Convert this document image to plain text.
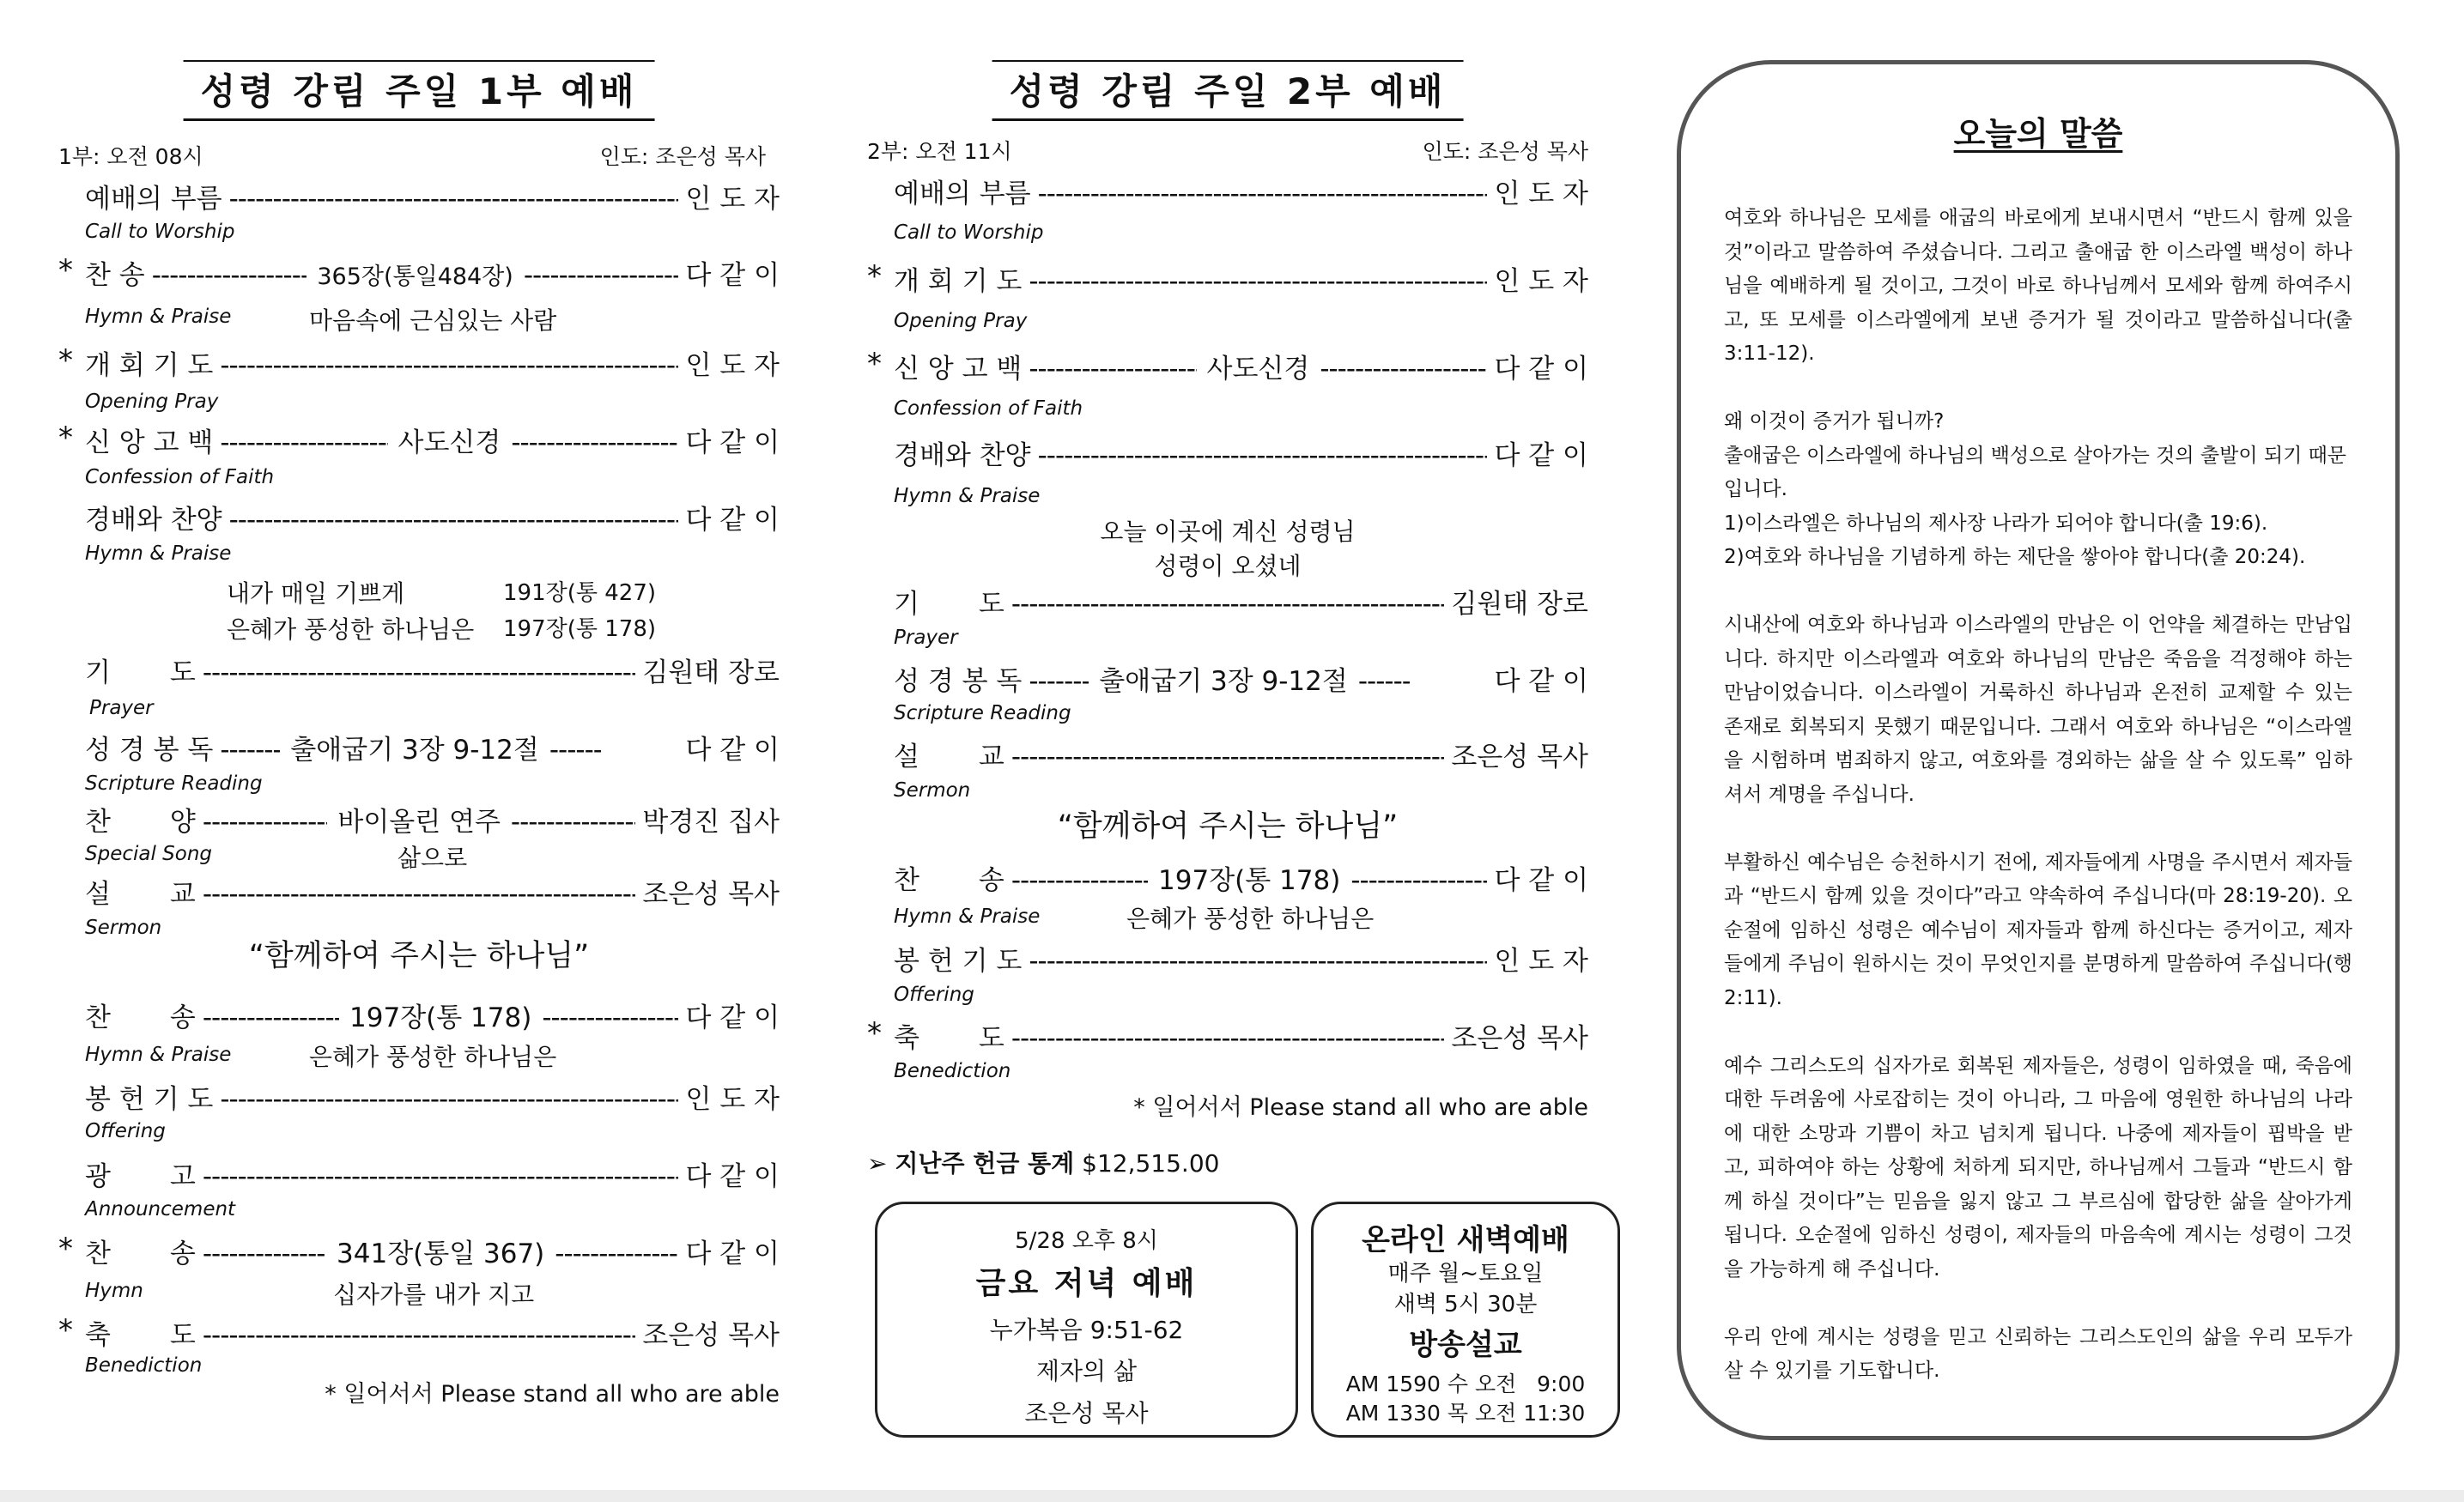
성령 강림 주일 1부 예배
1부: 오전 08시	인도: 조은성 목사
예배의 부름 -----	인 도 자
Call to Worship
* 찬 송 -----	365장(통일484장) -----	다 같 이
Hymn & Praise	마음속에 근심있는 사람
* 개 회 기 도 -----	인 도 자
Opening Pray
* 신 앙 고 백 -----	사도신경 -----	다 같 이
Confession of Faith
경배와 찬양 -----	다 같 이
Hymn & Praise
내가 매일 기쁘게	191장(통 427)
은혜가 풍성한 하나님은 197장(통 178)
기       도 -----	김원태 장로
Prayer
성 경 봉 독 -----	출애굽기 3장 9-12절 -----	다 같 이
Scripture Reading
찬       양 -----	바이올린 연주 -----	박경진 집사
Special Song	삶으로
설       교 -----	조은성 목사
Sermon
“함께하여 주시는 하나님”
찬       송 -----	197장(통 178) -----	다 같 이
Hymn & Praise	은혜가 풍성한 하나님은
봉 헌 기 도 -----	인 도 자
Offering
광       고 -----	다 같 이
Announcement
* 찬       송 -----	341장(통일 367) -----	다 같 이
Hymn	십자가를 내가 지고
* 축       도 -----	조은성 목사
Benediction
* 일어서서 Please stand all who are able
성령 강림 주일 2부 예배
2부: 오전 11시	인도: 조은성 목사
예배의 부름 -----	인 도 자
Call to Worship
* 개 회 기 도 -----	인 도 자
Opening Pray
* 신 앙 고 백 -----	사도신경 -----	다 같 이
Confession of Faith
경배와 찬양 -----	다 같 이
Hymn & Praise
오늘 이곳에 계신 성령님
성령이 오셨네
기       도 -----	김원태 장로
Prayer
성 경 봉 독 -----	출애굽기 3장 9-12절 -----	다 같 이
Scripture Reading
설       교 -----	조은성 목사
Sermon
“함께하여 주시는 하나님”
찬       송 -----	197장(통 178) -----	다 같 이
Hymn & Praise	은혜가 풍성한 하나님은
봉 헌 기 도 -----	인 도 자
Offering
* 축       도 -----	조은성 목사
Benediction
* 일어서서 Please stand all who are able
➢ 지난주 헌금 통계 $12,515.00
5/28 오후 8시
금요 저녁 예배
누가복음 9:51-62
제자의 삶
조은성 목사
온라인 새벽예배
매주 월~토요일
새벽 5시 30분
방송설교
AM 1590 수 오전   9:00
AM 1330 목 오전 11:30
오늘의 말씀

여호와 하나님은 모세를 애굽의 바로에게 보내시면서 “반드시 함께 있을 것”이라고 말씀하여 주셨습니다. 그리고 출애굽 한 이스라엘 백성이 하나님을 예배하게 될 것이고, 그것이 바로 하나님께서 모세와 함께 하여주시고, 또 모세를 이스라엘에게 보낸 증거가 될 것이라고 말씀하십니다(출 3:11-12).

왜 이것이 증거가 됩니까?
출애굽은 이스라엘에 하나님의 백성으로 살아가는 것의 출발이 되기 때문입니다.
1)이스라엘은 하나님의 제사장 나라가 되어야 합니다(출 19:6).
2)여호와 하나님을 기념하게 하는 제단을 쌓아야 합니다(출 20:24).

시내산에 여호와 하나님과 이스라엘의 만남은 이 언약을 체결하는 만남입니다. 하지만 이스라엘과 여호와 하나님의 만남은 죽음을 걱정해야 하는 만남이었습니다. 이스라엘이 거룩하신 하나님과 온전히 교제할 수 있는 존재로 회복되지 못했기 때문입니다. 그래서 여호와 하나님은 “이스라엘을 시험하며 범죄하지 않고, 여호와를 경외하는 삶을 살 수 있도록” 임하셔서 계명을 주십니다.

부활하신 예수님은 승천하시기 전에, 제자들에게 사명을 주시면서 제자들과 “반드시 함께 있을 것이다”라고 약속하여 주십니다(마 28:19-20). 오순절에 임하신 성령은 예수님이 제자들과 함께 하신다는 증거이고, 제자들에게 주님이 원하시는 것이 무엇인지를 분명하게 말씀하여 주십니다(행 2:11).

예수 그리스도의 십자가로 회복된 제자들은, 성령이 임하였을 때, 죽음에 대한 두려움에 사로잡히는 것이 아니라, 그 마음에 영원한 하나님의 나라에 대한 소망과 기쁨이 차고 넘치게 됩니다. 나중에 제자들이 핍박을 받고, 피하여야 하는 상황에 처하게 되지만, 하나님께서 그들과 “반드시 함께 하실 것이다”는 믿음을 잃지 않고 그 부르심에 합당한 삶을 살아가게 됩니다. 오순절에 임하신 성령이, 제자들의 마음속에 계시는 성령이 그것을 가능하게 해 주십니다.

우리 안에 계시는 성령을 믿고 신뢰하는 그리스도인의 삶을 우리 모두가 살 수 있기를 기도합니다.
